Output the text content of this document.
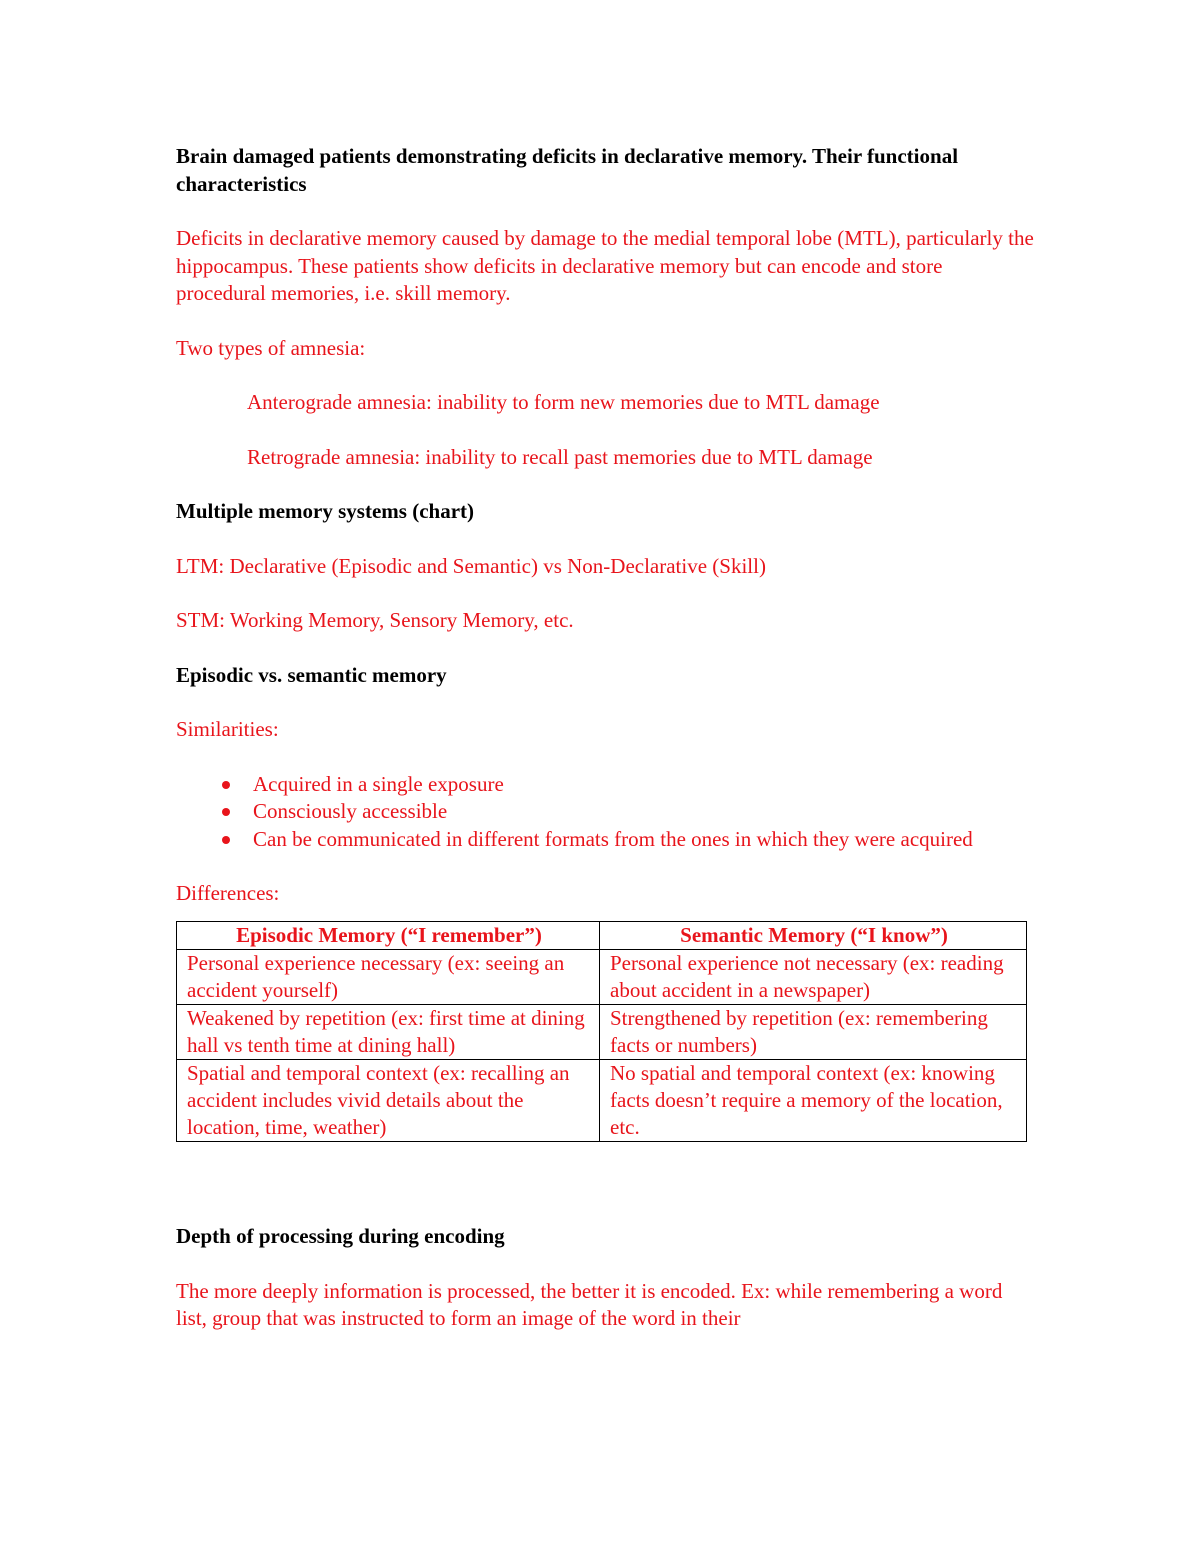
Brain damaged patients demonstrating deficits in declarative memory. Their functional characteristics

Deficits in declarative memory caused by damage to the medial temporal lobe (MTL), particularly the hippocampus. These patients show deficits in declarative memory but can encode and store procedural memories, i.e. skill memory.

Two types of amnesia:

Anterograde amnesia: inability to form new memories due to MTL damage

Retrograde amnesia: inability to recall past memories due to MTL damage

Multiple memory systems (chart)

LTM: Declarative (Episodic and Semantic) vs Non-Declarative (Skill)

STM: Working Memory, Sensory Memory, etc.

Episodic vs. semantic memory

Similarities:

Acquired in a single exposure
Consciously accessible
Can be communicated in different formats from the ones in which they were acquired

Differences:

Episodic Memory (“I remember”)	Semantic Memory (“I know”)
Personal experience necessary (ex: seeing an accident yourself)	Personal experience not necessary (ex: reading about accident in a newspaper)
Weakened by repetition (ex: first time at dining hall vs tenth time at dining hall)	Strengthened by repetition (ex: remembering facts or numbers)
Spatial and temporal context (ex: recalling an accident includes vivid details about the location, time, weather)	No spatial and temporal context (ex: knowing facts doesn’t require a memory of the location, etc.

Depth of processing during encoding

The more deeply information is processed, the better it is encoded. Ex: while remembering a word list, group that was instructed to form an image of the word in their
